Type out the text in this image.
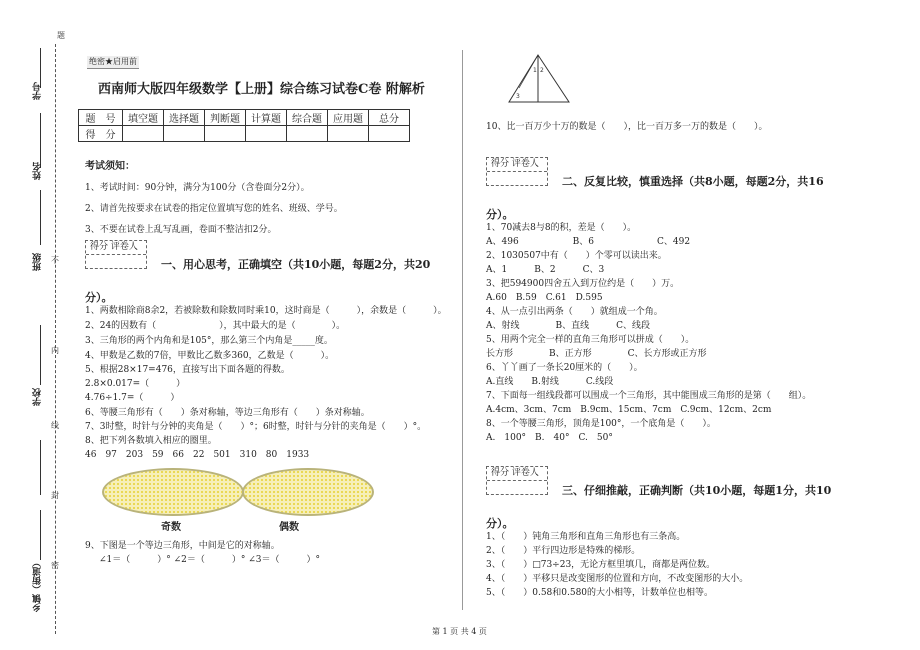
题
学号
姓名
不
班级
内
学校
线
封
乡镇（街道） 密
绝密★启用前
西南师大版四年级数学【上册】综合练习试卷C卷 附解析
题　号	填空题	选择题	判断题	计算题	综合题	应用题	总分
得　分							
考试须知：
1、考试时间：90分钟，满分为100分（含卷面分2分）。
2、请首先按要求在试卷的指定位置填写您的姓名、班级、学号。
3、不要在试卷上乱写乱画，卷面不整洁扣2分。
得分 评卷人
一、用心思考，正确填空（共10小题，每题2分，共20
分）。
1、两数相除商8余2，若被除数和除数同时乘10，这时商是（　　　），余数是（　　　）。
2、24的因数有（　　　　　　　），其中最大的是（　　　　）。
3、三角形的两个内角和是105°，那么第三个内角是_____度。
4、甲数是乙数的7倍，甲数比乙数多360，乙数是（　　　）。
5、根据28×17=476，直接写出下面各题的得数。
2.8×0.017=（　　　）
4.76÷1.7=（　　　）
6、等腰三角形有（　　）条对称轴，等边三角形有（　　）条对称轴。
7、3时整，时针与分钟的夹角是（　　）°；6时整，时针与分针的夹角是（　　）°。
8、把下列各数填入相应的圈里。
46　97　203　59　66　22　501　310　80　1933
奇数	偶数
9、下图是一个等边三角形，中间是它的对称轴。
∠1＝（　　　）° ∠2＝（　　　）° ∠3＝（　　　）°
1 2
3
10、比一百万少十万的数是（　　），比一百万多一万的数是（　　）。
得分 评卷人
二、反复比较，慎重选择（共8小题，每题2分，共16
分）。
1、70减去8与8的积，差是（　　）。
A、496　　　　　　B、6　　　　　　　C、492
2、1030507中有（　　）个零可以读出来。
A、1　　　B、2　　　C、3
3、把594900四舍五入到万位约是（　　）万。
A.60　B.59　C.61　D.595
4、从一点引出两条（　　）就组成一个角。
A、射线　　　　B、直线　　　C、线段
5、用两个完全一样的直角三角形可以拼成（　　）。
长方形　　　　B、正方形　　　　C、长方形或正方形
6、丫丫画了一条长20厘米的（　　）。
A.直线　　B.射线　　　C.线段
7、下面每一组线段都可以围成一个三角形，其中能围成三角形的是第（　　组）。
A.4cm、3cm、7cm　B.9cm、15cm、7cm　C.9cm、12cm、2cm
8、一个等腰三角形，顶角是100°，一个底角是（　　）。
A.　100°　B.　40°　C.　50°
得分 评卷人
三、仔细推敲，正确判断（共10小题，每题1分，共10
分）。
1、（　　）钝角三角形和直角三角形也有三条高。
2、（　　）平行四边形是特殊的梯形。
3、（　　）□73÷23，无论方框里填几，商都是两位数。
4、（　　）平移只是改变图形的位置和方向，不改变图形的大小。
5、（　　）0.58和0.580的大小相等，计数单位也相等。
第 1 页 共 4 页
